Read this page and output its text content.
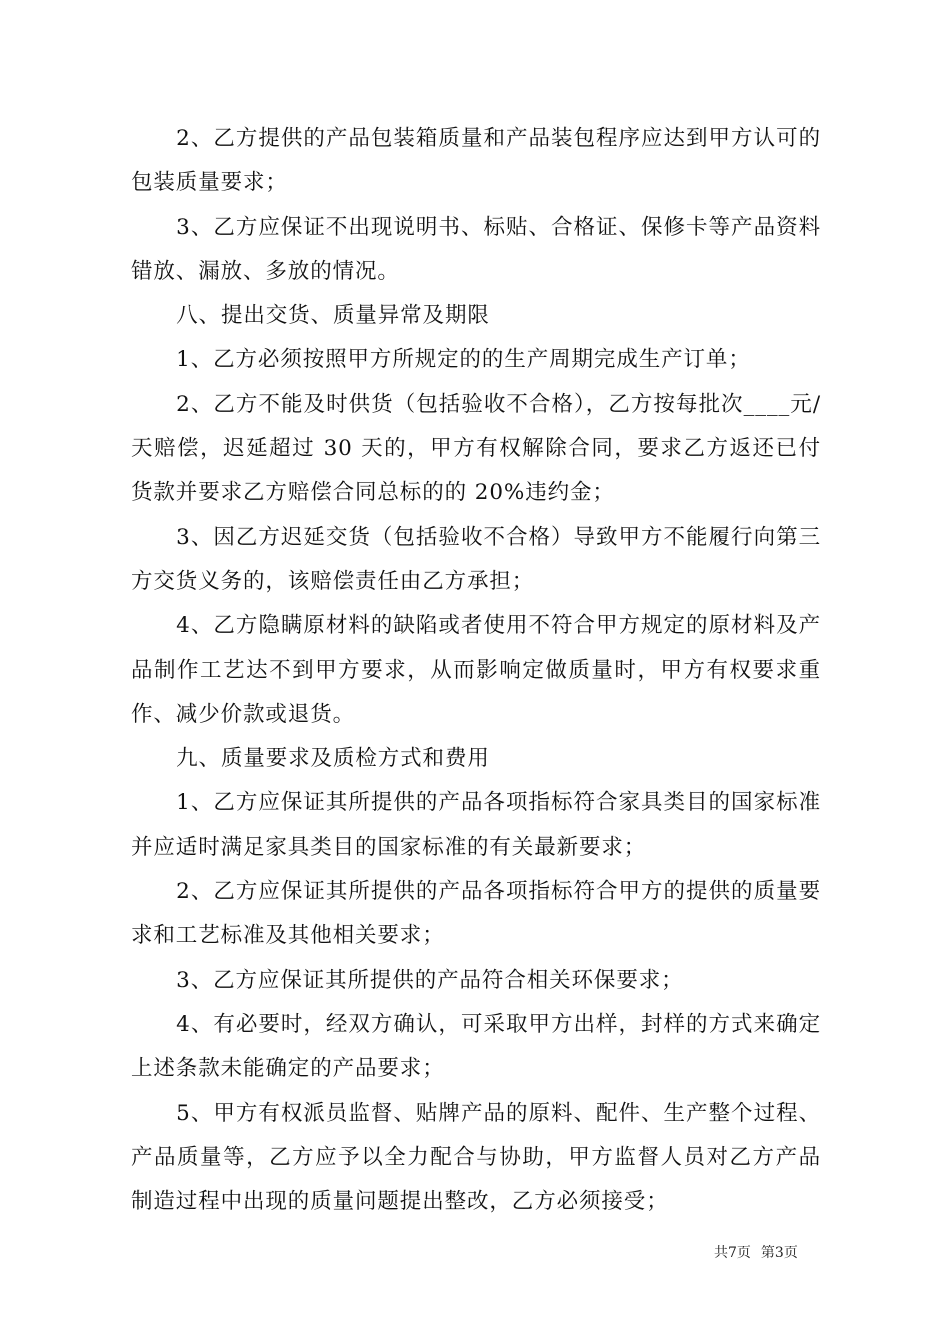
2、乙方提供的产品包装箱质量和产品装包程序应达到甲方认可的包装质量要求；

3、乙方应保证不出现说明书、标贴、合格证、保修卡等产品资料错放、漏放、多放的情况。

八、提出交货、质量异常及期限

1、乙方必须按照甲方所规定的的生产周期完成生产订单；

2、乙方不能及时供货（包括验收不合格），乙方按每批次____元/天赔偿，迟延超过 30 天的，甲方有权解除合同，要求乙方返还已付货款并要求乙方赔偿合同总标的的 20%违约金；

3、因乙方迟延交货（包括验收不合格）导致甲方不能履行向第三方交货义务的，该赔偿责任由乙方承担；

4、乙方隐瞒原材料的缺陷或者使用不符合甲方规定的原材料及产品制作工艺达不到甲方要求，从而影响定做质量时，甲方有权要求重作、减少价款或退货。

九、质量要求及质检方式和费用

1、乙方应保证其所提供的产品各项指标符合家具类目的国家标准并应适时满足家具类目的国家标准的有关最新要求；

2、乙方应保证其所提供的产品各项指标符合甲方的提供的质量要求和工艺标准及其他相关要求；

3、乙方应保证其所提供的产品符合相关环保要求；

4、有必要时，经双方确认，可采取甲方出样，封样的方式来确定上述条款未能确定的产品要求；

5、甲方有权派员监督、贴牌产品的原料、配件、生产整个过程、产品质量等，乙方应予以全力配合与协助，甲方监督人员对乙方产品制造过程中出现的质量问题提出整改，乙方必须接受；

共7页 第3页
